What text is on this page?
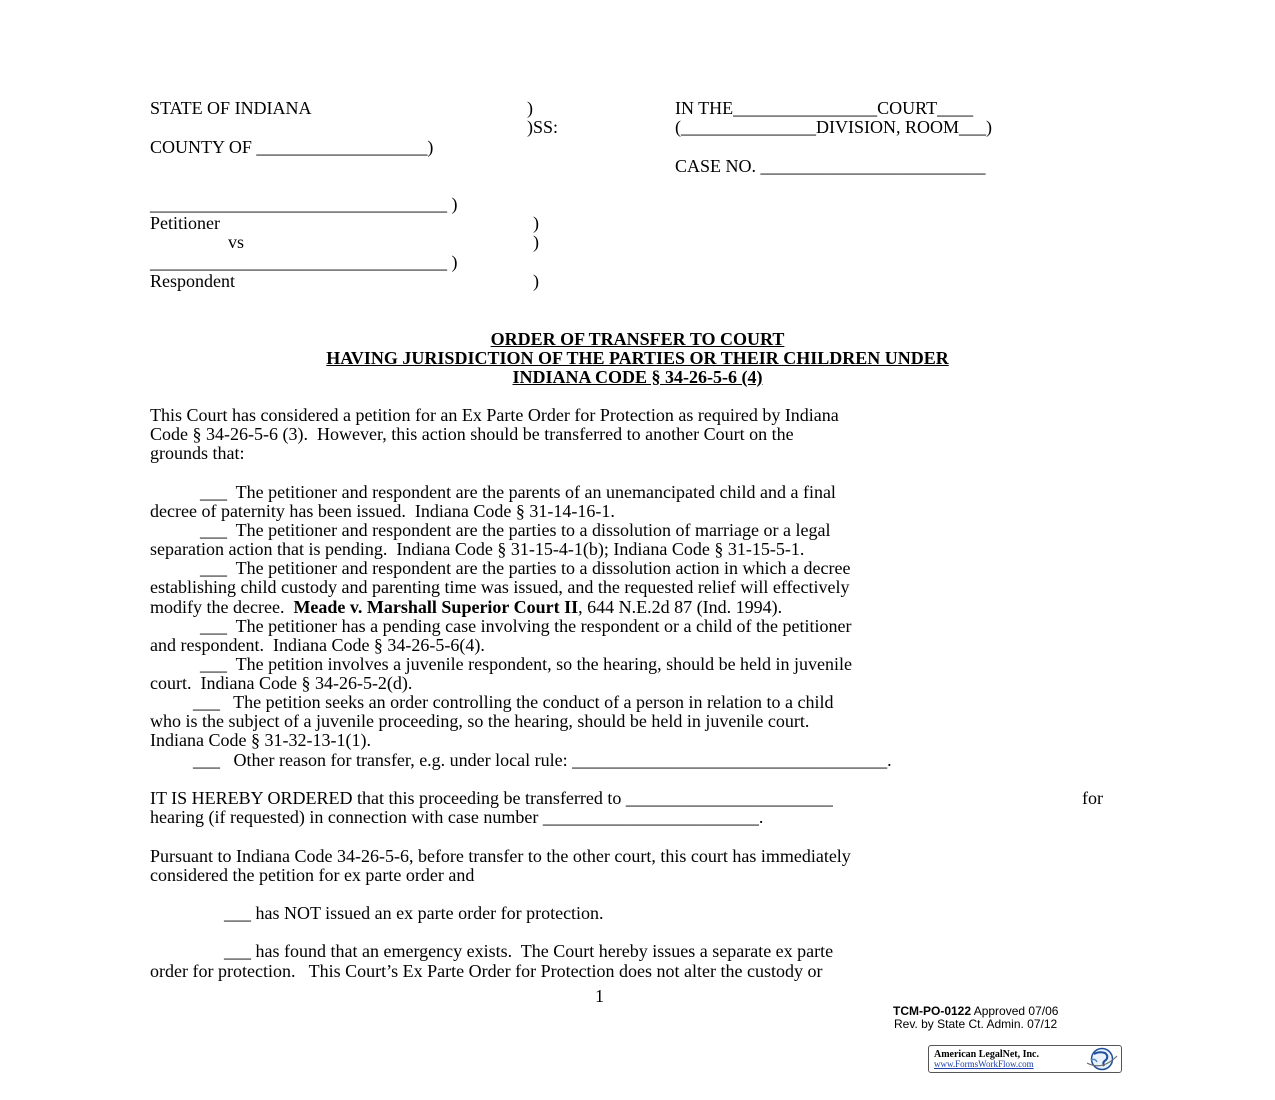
STATE OF INDIANA	)
)SS:
COUNTY OF ___________________)
IN THE________________COURT____
(_______________DIVISION, ROOM___)
CASE NO. _________________________
_________________________________ )
Petitioner	)
vs	)
_________________________________ )
Respondent	)
ORDER OF TRANSFER TO COURT
HAVING JURISDICTION OF THE PARTIES OR THEIR CHILDREN UNDER
INDIANA CODE § 34-26-5-6 (4)
This Court has considered a petition for an Ex Parte Order for Protection as required by Indiana
Code § 34-26-5-6 (3).  However, this action should be transferred to another Court on the
grounds that:
___  The petitioner and respondent are the parents of an unemancipated child and a final
decree of paternity has been issued.  Indiana Code § 31-14-16-1.
___  The petitioner and respondent are the parties to a dissolution of marriage or a legal
separation action that is pending.  Indiana Code § 31-15-4-1(b); Indiana Code § 31-15-5-1.
___  The petitioner and respondent are the parties to a dissolution action in which a decree
establishing child custody and parenting time was issued, and the requested relief will effectively
modify the decree.  Meade v. Marshall Superior Court II, 644 N.E.2d 87 (Ind. 1994).
___  The petitioner has a pending case involving the respondent or a child of the petitioner
and respondent.  Indiana Code § 34-26-5-6(4).
___  The petition involves a juvenile respondent, so the hearing, should be held in juvenile
court.  Indiana Code § 34-26-5-2(d).
___   The petition seeks an order controlling the conduct of a person in relation to a child
who is the subject of a juvenile proceeding, so the hearing, should be held in juvenile court.
Indiana Code § 31-32-13-1(1).
___   Other reason for transfer, e.g. under local rule: ___________________________________.
IT IS HEREBY ORDERED that this proceeding be transferred to _______________________	for
hearing (if requested) in connection with case number ________________________.
Pursuant to Indiana Code 34-26-5-6, before transfer to the other court, this court has immediately
considered the petition for ex parte order and
___ has NOT issued an ex parte order for protection.
___ has found that an emergency exists.  The Court hereby issues a separate ex parte
order for protection.   This Court’s Ex Parte Order for Protection does not alter the custody or
1
TCM-PO-0122 Approved 07/06
Rev. by State Ct. Admin. 07/12
American LegalNet, Inc.
www.FormsWorkFlow.com
